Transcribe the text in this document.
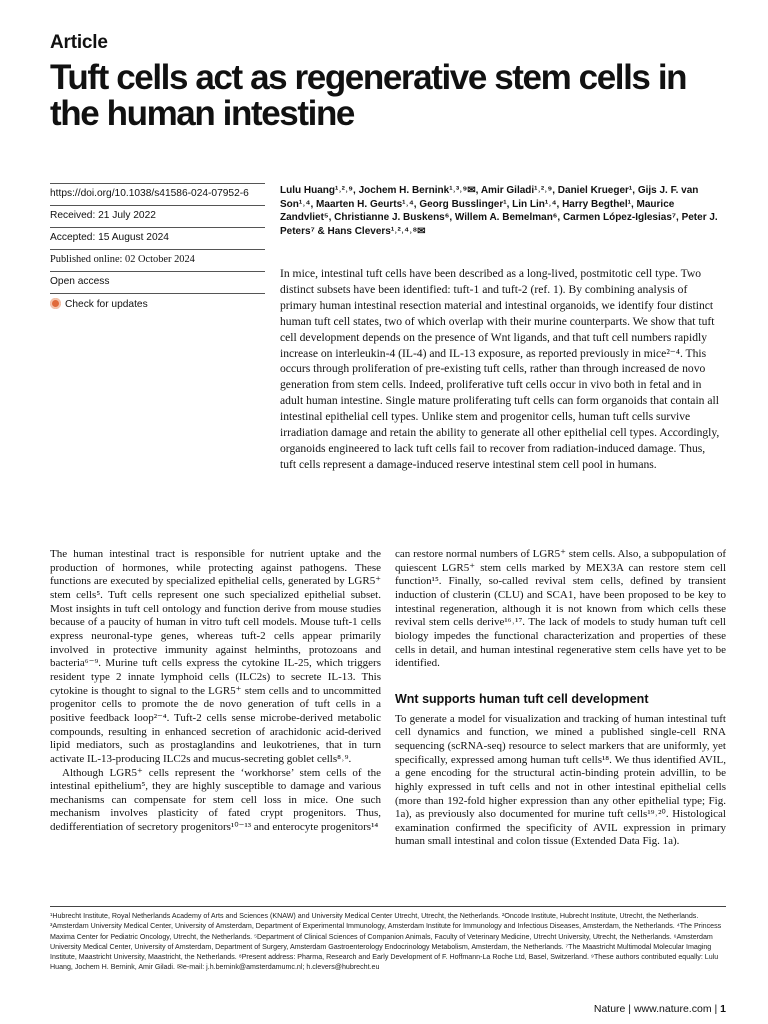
Article
Tuft cells act as regenerative stem cells in the human intestine
https://doi.org/10.1038/s41586-024-07952-6
Received: 21 July 2022
Accepted: 15 August 2024
Published online: 02 October 2024
Open access
Check for updates
Lulu Huang¹˒²˒⁹, Jochem H. Bernink¹˒³˒⁹✉, Amir Giladi¹˒²˒⁹, Daniel Krueger¹, Gijs J. F. van Son¹˒⁴, Maarten H. Geurts¹˒⁴, Georg Busslinger¹, Lin Lin¹˒⁴, Harry Begthel¹, Maurice Zandvliet⁵, Christianne J. Buskens⁶, Willem A. Bemelman⁶, Carmen López-Iglesias⁷, Peter J. Peters⁷ & Hans Clevers¹˒²˒⁴˒⁸✉
In mice, intestinal tuft cells have been described as a long-lived, postmitotic cell type. Two distinct subsets have been identified: tuft-1 and tuft-2 (ref. 1). By combining analysis of primary human intestinal resection material and intestinal organoids, we identify four distinct human tuft cell states, two of which overlap with their murine counterparts. We show that tuft cell development depends on the presence of Wnt ligands, and that tuft cell numbers rapidly increase on interleukin-4 (IL-4) and IL-13 exposure, as reported previously in mice²⁻⁴. This occurs through proliferation of pre-existing tuft cells, rather than through increased de novo generation from stem cells. Indeed, proliferative tuft cells occur in vivo both in fetal and in adult human intestine. Single mature proliferating tuft cells can form organoids that contain all intestinal epithelial cell types. Unlike stem and progenitor cells, human tuft cells survive irradiation damage and retain the ability to generate all other epithelial cell types. Accordingly, organoids engineered to lack tuft cells fail to recover from radiation-induced damage. Thus, tuft cells represent a damage-induced reserve intestinal stem cell pool in humans.

The human intestinal tract is responsible for nutrient uptake and the production of hormones, while protecting against pathogens. These functions are executed by specialized epithelial cells, generated by LGR5⁺ stem cells⁵. Tuft cells represent one such specialized epithelial subset. Most insights in tuft cell ontology and function derive from mouse studies because of a paucity of human in vitro tuft cell models. Mouse tuft-1 cells express neuronal-type genes, whereas tuft-2 cells appear primarily involved in protective immunity against helminths, protozoans and bacteria⁶⁻⁹. Murine tuft cells express the cytokine IL-25, which triggers resident type 2 innate lymphoid cells (ILC2s) to secrete IL-13. This cytokine is thought to signal to the LGR5⁺ stem cells and to uncommitted progenitor cells to promote the de novo generation of tuft cells in a positive feedback loop²⁻⁴. Tuft-2 cells sense microbe-derived metabolic compounds, resulting in enhanced secretion of arachidonic acid-derived lipid mediators, such as prostaglandins and leukotrienes, that in turn activate IL-13-producing ILC2s and mucus-secreting goblet cells⁸˒⁹.

Although LGR5⁺ cells represent the ‘workhorse’ stem cells of the intestinal epithelium⁵, they are highly susceptible to damage and various mechanisms can compensate for stem cell loss in mice. One such mechanism involves plasticity of fated crypt progenitors. Thus, dedifferentiation of secretory progenitors¹⁰⁻¹³ and enterocyte progenitors¹⁴

can restore normal numbers of LGR5⁺ stem cells. Also, a subpopulation of quiescent LGR5⁺ stem cells marked by MEX3A can restore stem cell function¹⁵. Finally, so-called revival stem cells, defined by transient induction of clusterin (CLU) and SCA1, have been proposed to be key to intestinal regeneration, although it is not known from which cells these revival stem cells derive¹⁶˒¹⁷. The lack of models to study human tuft cell biology impedes the functional characterization and properties of these cells in detail, and human intestinal regenerative stem cells have yet to be identified.

Wnt supports human tuft cell development

To generate a model for visualization and tracking of human intestinal tuft cell dynamics and function, we mined a published single-cell RNA sequencing (scRNA-seq) resource to select markers that are uniformly, yet specifically, expressed among human tuft cells¹⁸. We thus identified AVIL, a gene encoding for the structural actin-binding protein advillin, to be highly expressed in tuft cells and not in other intestinal epithelial cells (more than 192-fold higher expression than any other epithelial type; Fig. 1a), as previously also documented for murine tuft cells¹⁹˒²⁰. Histological examination confirmed the specificity of AVIL expression in primary human small intestinal and colon tissue (Extended Data Fig. 1a).

¹Hubrecht Institute, Royal Netherlands Academy of Arts and Sciences (KNAW) and University Medical Center Utrecht, Utrecht, the Netherlands. ²Oncode Institute, Hubrecht Institute, Utrecht, the Netherlands. ³Amsterdam University Medical Center, University of Amsterdam, Department of Experimental Immunology, Amsterdam Institute for Immunology and Infectious Diseases, Amsterdam, the Netherlands. ⁴The Princess Maxima Center for Pediatric Oncology, Utrecht, the Netherlands. ⁵Department of Clinical Sciences of Companion Animals, Faculty of Veterinary Medicine, Utrecht University, Utrecht, the Netherlands. ⁶Amsterdam University Medical Center, University of Amsterdam, Department of Surgery, Amsterdam Gastroenterology Endocrinology Metabolism, Amsterdam, the Netherlands. ⁷The Maastricht Multimodal Molecular Imaging Institute, Maastricht University, Maastricht, the Netherlands. ⁸Present address: Pharma, Research and Early Development of F. Hoffmann-La Roche Ltd, Basel, Switzerland. ⁹These authors contributed equally: Lulu Huang, Jochem H. Bernink, Amir Giladi. ✉e-mail: j.h.bernink@amsterdamumc.nl; h.clevers@hubrecht.eu
Nature | www.nature.com | 1
